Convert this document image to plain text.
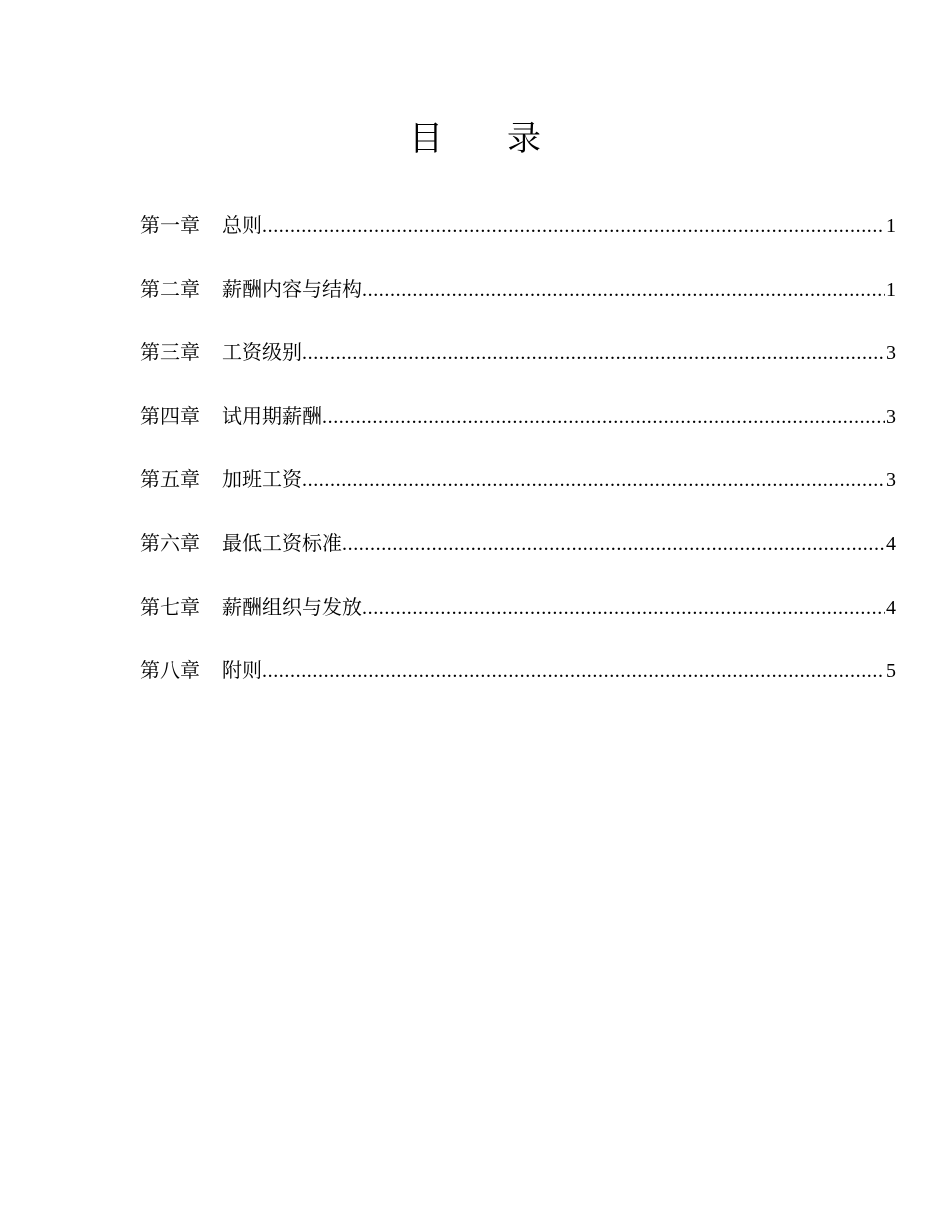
目 录
第一章 总则 .....	1
第二章 薪酬内容与结构 .....	1
第三章 工资级别 .....	3
第四章 试用期薪酬 .....	3
第五章 加班工资 .....	3
第六章 最低工资标准 .....	4
第七章 薪酬组织与发放 .....	4
第八章 附则 .....	5
